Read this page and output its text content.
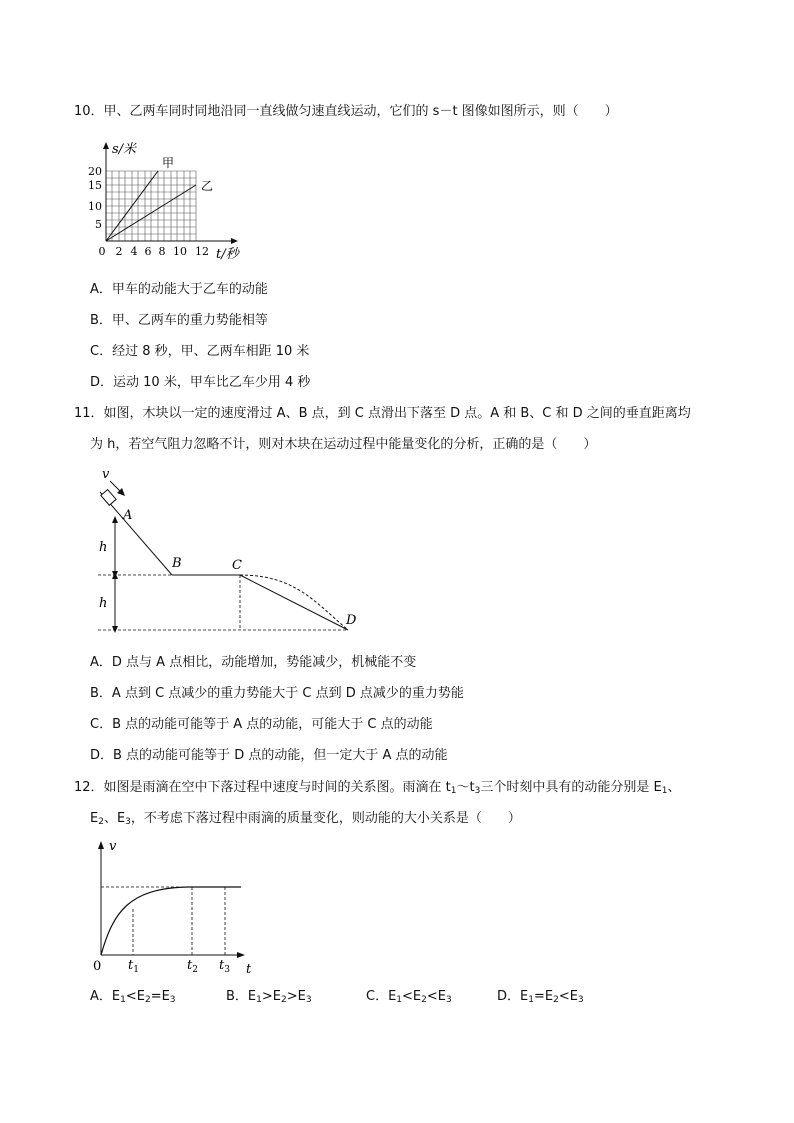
10．甲、乙两车同时同地沿同一直线做匀速直线运动，它们的 s－t 图像如图所示，则（　　）
s/米
甲
乙
20
15
10
5
0 2 4 6 8 10 12 t/秒
A．甲车的动能大于乙车的动能
B．甲、乙两车的重力势能相等
C．经过 8 秒，甲、乙两车相距 10 米
D．运动 10 米，甲车比乙车少用 4 秒
11．如图，木块以一定的速度滑过 A、B 点，到 C 点滑出下落至 D 点。A 和 B、C 和 D 之间的垂直距离均
为 h，若空气阻力忽略不计，则对木块在运动过程中能量变化的分析，正确的是（　　）
v
h
h
A
B	C
D
A．D 点与 A 点相比，动能增加，势能减少，机械能不变
B．A 点到 C 点减少的重力势能大于 C 点到 D 点减少的重力势能
C．B 点的动能可能等于 A 点的动能，可能大于 C 点的动能
D．B 点的动能可能等于 D 点的动能，但一定大于 A 点的动能
12．如图是雨滴在空中下落过程中速度与时间的关系图。雨滴在 $t_1\sim t_3$三个时刻中具有的动能分别是 $E_1$、
$E_2$、$E_3$，不考虑下落过程中雨滴的质量变化，则动能的大小关系是（　　）
v
0 $t_1$	$t_2$ $t_3$ t
A．$E_1<E_2=E_3$	B．$E_1>E_2>E_3$	C．$E_1<E_2<E_3$	D．$E_1=E_2<E_3$
